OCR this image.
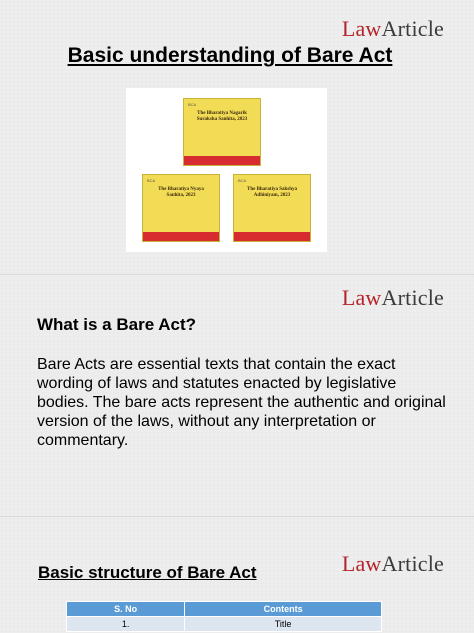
LawArticle
Basic understanding of Bare Act
BCA
The Bharatiya Nagarik Suraksha Sanhita, 2023
BCA
The Bharatiya Nyaya Sanhita, 2023
BCA
The Bharatiya Sakshya Adhiniyam, 2023
LawArticle
What is a Bare Act?
Bare Acts are essential texts that contain the exact wording of laws and statutes enacted by legislative bodies. The bare acts represent the authentic and original version of the laws, without any interpretation or commentary.
LawArticle
Basic structure of Bare Act
S. No	Contents
1.	Title
